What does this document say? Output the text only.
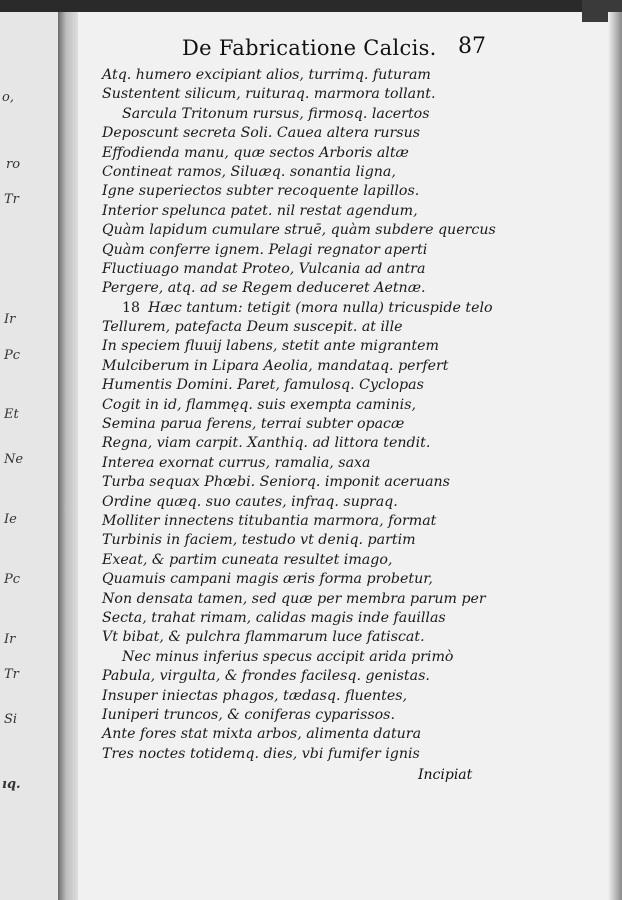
o,
ro
Tr
Ir
Pc
Et
Ne
Ie
Pc
Ir
Tr
Si
ıq.
De Fabricatione Calcis. 87
Atq. humero excipiant alios, turrimq. futuram
Sustentent silicum, ruituraq. marmora tollant.
Sarcula Tritonum rursus, firmosq. lacertos
Deposcunt secreta Soli. Cauea altera rursus
Effodienda manu, quæ sectos Arboris altæ
Contineat ramos, Siluæq. sonantia ligna,
Igne superiectos subter recoquente lapillos.
Interior spelunca patet. nil restat agendum,
Quàm lapidum cumulare struē, quàm subdere quercus
Quàm conferre ignem. Pelagi regnator aperti
Fluctiuago mandat Proteo, Vulcania ad antra
Pergere, atq. ad se Regem deduceret Aetnæ.
18 Hæc tantum: tetigit (mora nulla) tricuspide telo
Tellurem, patefacta Deum suscepit. at ille
In speciem fluuij labens, stetit ante migrantem
Mulciberum in Lipara Aeolia, mandataq. perfert
Humentis Domini. Paret, famulosq. Cyclopas
Cogit in id, flammęq. suis exempta caminis,
Semina parua ferens, terrai subter opacæ
Regna, viam carpit. Xanthiq. ad littora tendit.
Interea exornat currus, ramalia, saxa
Turba sequax Phœbi. Seniorq. imponit aceruans
Ordine quæq. suo cautes, infraq. supraq.
Molliter innectens titubantia marmora, format
Turbinis in faciem, testudo vt deniq. partim
Exeat, & partim cuneata resultet imago,
Quamuis campani magis æris forma probetur,
Non densata tamen, sed quæ per membra parum per
Secta, trahat rimam, calidas magis inde fauillas
Vt bibat, & pulchra flammarum luce fatiscat.
Nec minus inferius specus accipit arida primò
Pabula, virgulta, & frondes facilesq. genistas.
Insuper iniectas phagos, tædasq. fluentes,
Iuniperi truncos, & coniferas cyparissos.
Ante fores stat mixta arbos, alimenta datura
Tres noctes totidemq. dies, vbi fumifer ignis
Incipiat
